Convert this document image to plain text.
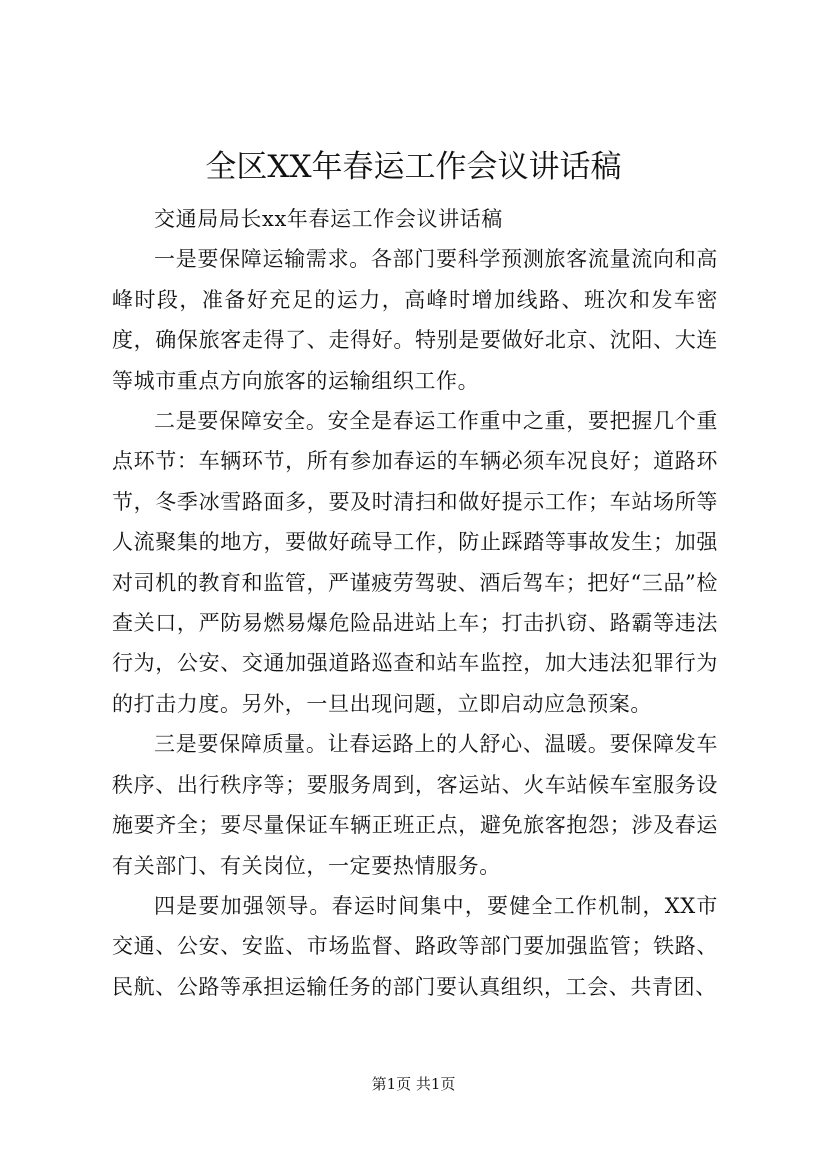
全区XX年春运工作会议讲话稿

交通局局长xx年春运工作会议讲话稿

一是要保障运输需求。各部门要科学预测旅客流量流向和高峰时段，准备好充足的运力，高峰时增加线路、班次和发车密度，确保旅客走得了、走得好。特别是要做好北京、沈阳、大连等城市重点方向旅客的运输组织工作。

二是要保障安全。安全是春运工作重中之重，要把握几个重点环节：车辆环节，所有参加春运的车辆必须车况良好；道路环节，冬季冰雪路面多，要及时清扫和做好提示工作；车站场所等人流聚集的地方，要做好疏导工作，防止踩踏等事故发生；加强对司机的教育和监管，严谨疲劳驾驶、酒后驾车；把好“三品”检查关口，严防易燃易爆危险品进站上车；打击扒窃、路霸等违法行为，公安、交通加强道路巡查和站车监控，加大违法犯罪行为的打击力度。另外，一旦出现问题，立即启动应急预案。

三是要保障质量。让春运路上的人舒心、温暖。要保障发车秩序、出行秩序等；要服务周到，客运站、火车站候车室服务设施要齐全；要尽量保证车辆正班正点，避免旅客抱怨；涉及春运有关部门、有关岗位，一定要热情服务。

四是要加强领导。春运时间集中，要健全工作机制，XX市交通、公安、安监、市场监督、路政等部门要加强监管；铁路、民航、公路等承担运输任务的部门要认真组织，工会、共青团、

第1页 共1页
